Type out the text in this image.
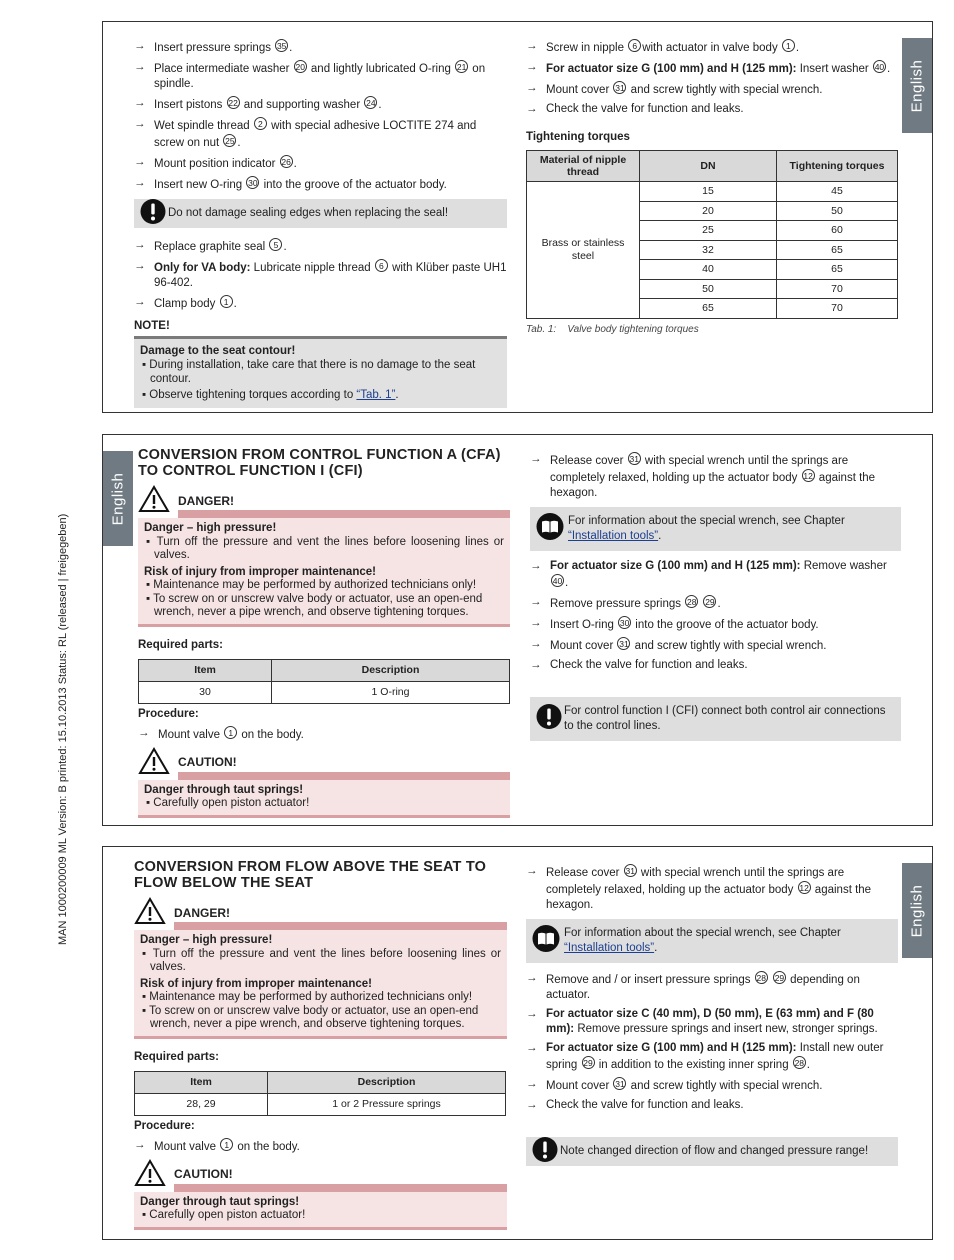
MAN 1000200009 ML Version: B printed: 15.10.2013 Status: RL (released | freigegeben)
→ Insert pressure springs 35 .
→ Place intermediate washer 20 and lightly lubricated O-ring 21 on spindle.
→ Insert pistons 22 and supporting washer 24 .
→ Wet spindle thread 2 with special adhesive LOCTITE 274 and screw on nut 25 .
→ Mount position indicator 26 .
→ Insert new O-ring 30 into the groove of the actuator body.
Do not damage sealing edges when replacing the seal!
→ Replace graphite seal 5 .
→ Only for VA body: Lubricate nipple thread 6 with Klüber paste UH1 96-402.
→ Clamp body 1 .
NOTE!
Damage to the seat contour!
▪ During installation, take care that there is no damage to the seat contour.
▪ Observe tightening torques according to “Tab. 1”.
→ Screw in nipple 6 with actuator in valve body 1 .
→ For actuator size G (100 mm) and H (125 mm): Insert washer 40 .
→ Mount cover 31 and screw tightly with special wrench.
→ Check the valve for function and leaks.
Tightening torques
Material of nipple thread	DN	Tightening torques
Brass or stainless steel	15	45
	20	50
	25	60
	32	65
	40	65
	50	70
	65	70
Tab. 1: Valve body tightening torques
English
English
CONVERSION FROM CONTROL FUNCTION A (CFA) TO CONTROL FUNCTION I (CFI)
DANGER!
Danger – high pressure!
▪ Turn off the pressure and vent the lines before loosening lines or valves.
Risk of injury from improper maintenance!
▪ Maintenance may be performed by authorized technicians only!
▪ To screw on or unscrew valve body or actuator, use an open-end wrench, never a pipe wrench, and observe tightening torques.
Required parts:
Item	Description
30	1 O-ring
Procedure:
→ Mount valve 1 on the body.
CAUTION!
Danger through taut springs!
▪ Carefully open piston actuator!
→ Release cover 31 with special wrench until the springs are completely relaxed, holding up the actuator body 12 against the hexagon.
For information about the special wrench, see Chapter “Installation tools”.
→ For actuator size G (100 mm) and H (125 mm): Remove washer 40 .
→ Remove pressure springs 28 29 .
→ Insert O-ring 30 into the groove of the actuator body.
→ Mount cover 31 and screw tightly with special wrench.
→ Check the valve for function and leaks.
For control function I (CFI) connect both control air connections to the control lines.
CONVERSION FROM FLOW ABOVE THE SEAT TO FLOW BELOW THE SEAT
DANGER!
Danger – high pressure!
▪ Turn off the pressure and vent the lines before loosening lines or valves.
Risk of injury from improper maintenance!
▪ Maintenance may be performed by authorized technicians only!
▪ To screw on or unscrew valve body or actuator, use an open-end wrench, never a pipe wrench, and observe tightening torques.
Required parts:
Item	Description
28, 29	1 or 2 Pressure springs
Procedure:
→ Mount valve 1 on the body.
CAUTION!
Danger through taut springs!
▪ Carefully open piston actuator!
→ Release cover 31 with special wrench until the springs are completely relaxed, holding up the actuator body 12 against the hexagon.
For information about the special wrench, see Chapter “Installation tools”.
→ Remove and / or insert pressure springs 28 29 depending on actuator.
→ For actuator size C (40 mm), D (50 mm), E (63 mm) and F (80 mm): Remove pressure springs and insert new, stronger springs.
→ For actuator size G (100 mm) and H (125 mm): Install new outer spring 29 in addition to the existing inner spring 28 .
→ Mount cover 31 and screw tightly with special wrench.
→ Check the valve for function and leaks.
Note changed direction of flow and changed pressure range!
English
